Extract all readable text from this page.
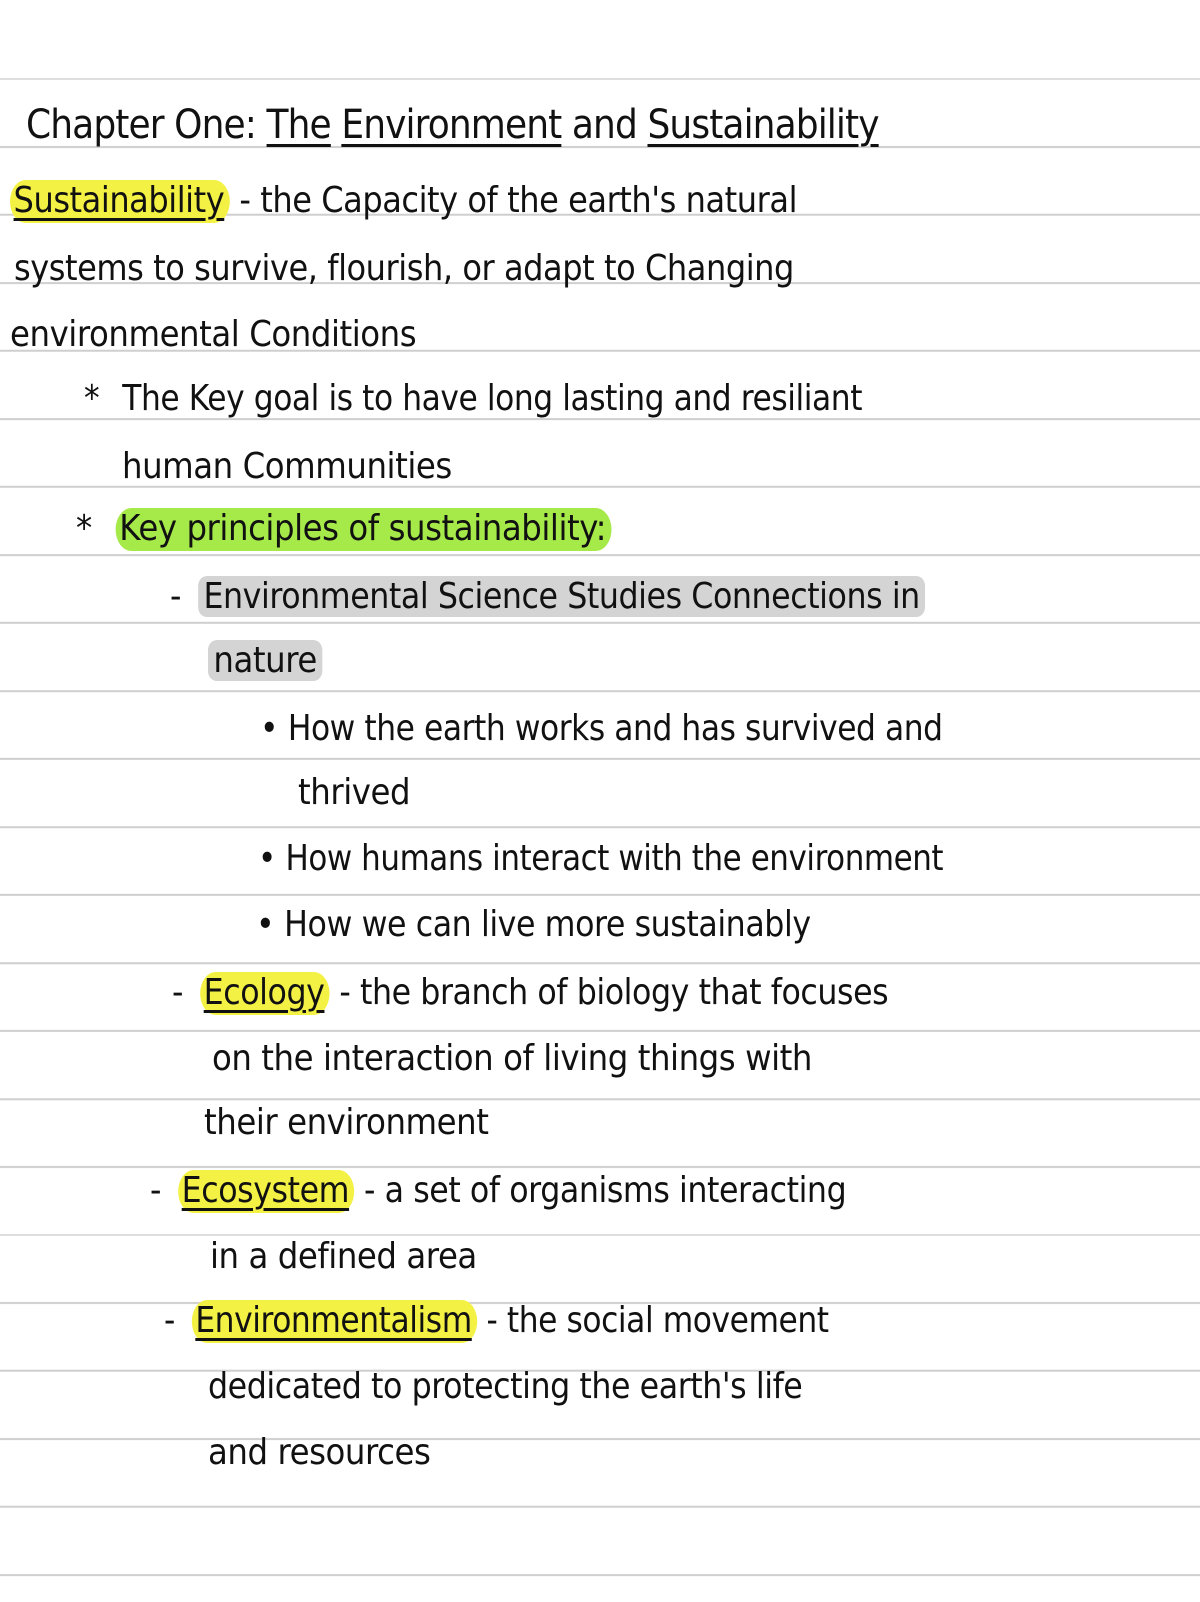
Chapter One: The Environment and Sustainability
Sustainability - the Capacity of the earth's natural
systems to survive, flourish, or adapt to Changing
environmental Conditions
* The Key goal is to have long lasting and resiliant
human Communities
* Key principles of sustainability:
- Environmental Science Studies Connections in
nature
• How the earth works and has survived and
thrived
• How humans interact with the environment
• How we can live more sustainably
- Ecology - the branch of biology that focuses
on the interaction of living things with
their environment
- Ecosystem - a set of organisms interacting
in a defined area
- Environmentalism - the social movement
dedicated to protecting the earth's life
and resources
